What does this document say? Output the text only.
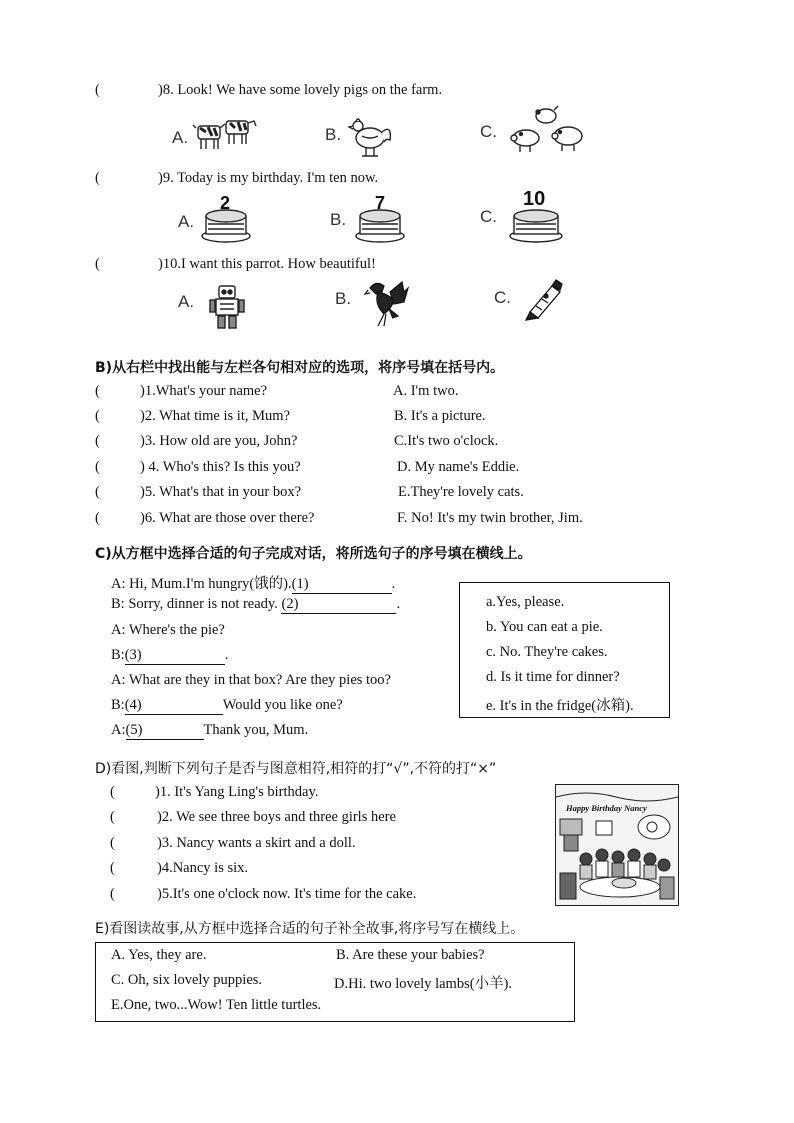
(	)8. Look! We have some lovely pigs on the farm.
A.	B.	C.
(	)9. Today is my birthday. I'm ten now.
A.
2
B.
7
C.
10
(	)10.I want this parrot. How beautiful!
A.	B.	C.
B)从右栏中找出能与左栏各句相对应的选项，将序号填在括号内。
(	)1.What's your name?	A. I'm two.
(	)2. What time is it, Mum?	B. It's a picture.
(	)3. How old are you, John?	C.It's two o'clock.
(	) 4. Who's this? Is this you?	D. My name's Eddie.
(	)5. What's that in your box?	E.They're lovely cats.
(	)6. What are those over there?	F. No! It's my twin brother, Jim.
C)从方框中选择合适的句子完成对话，将所选句子的序号填在横线上。
A: Hi, Mum.I'm hungry(饿的).(1)	.
B: Sorry, dinner is not ready. (2)	.
A: Where's the pie?
B:(3)	.
A: What are they in that box? Are they pies too?
B:(4)	Would you like one?
A:(5)	Thank you, Mum.
a.Yes, please.
b. You can eat a pie.
c. No. They're cakes.
d. Is it time for dinner?
e. It's in the fridge(冰箱).
D)看图,判断下列句子是否与图意相符,相符的打“√”,不符的打“×”
(	)1. It's Yang Ling's birthday.
(	)2. We see three boys and three girls here
(	)3. Nancy wants a skirt and a doll.
(	)4.Nancy is six.
(	)5.It's one o'clock now. It's time for the cake.
Happy Birthday Nancy
E)看图读故事,从方框中选择合适的句子补全故事,将序号写在横线上。
A. Yes, they are.	B. Are these your babies?
C. Oh, six lovely puppies.	D.Hi. two lovely lambs(小羊).
E.One, two...Wow! Ten little turtles.
